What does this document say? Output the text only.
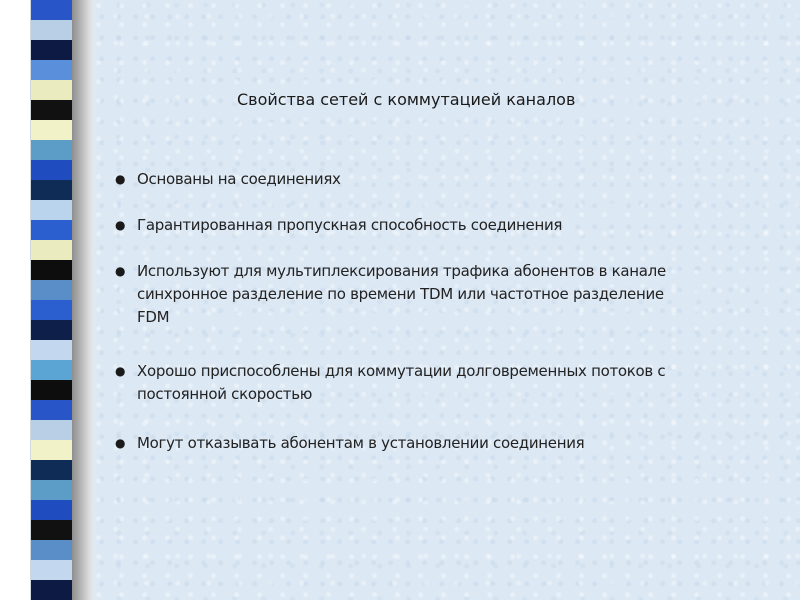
Свойства сетей с коммутацией каналов
● Основаны на соединениях

● Гарантированная пропускная способность соединения

● Используют для мультиплексирования трафика абонентов в канале
синхронное разделение по времени TDM или частотное разделение
FDM

● Хорошо приспособлены для коммутации долговременных потоков с
постоянной скоростью

● Могут отказывать абонентам в установлении соединения
